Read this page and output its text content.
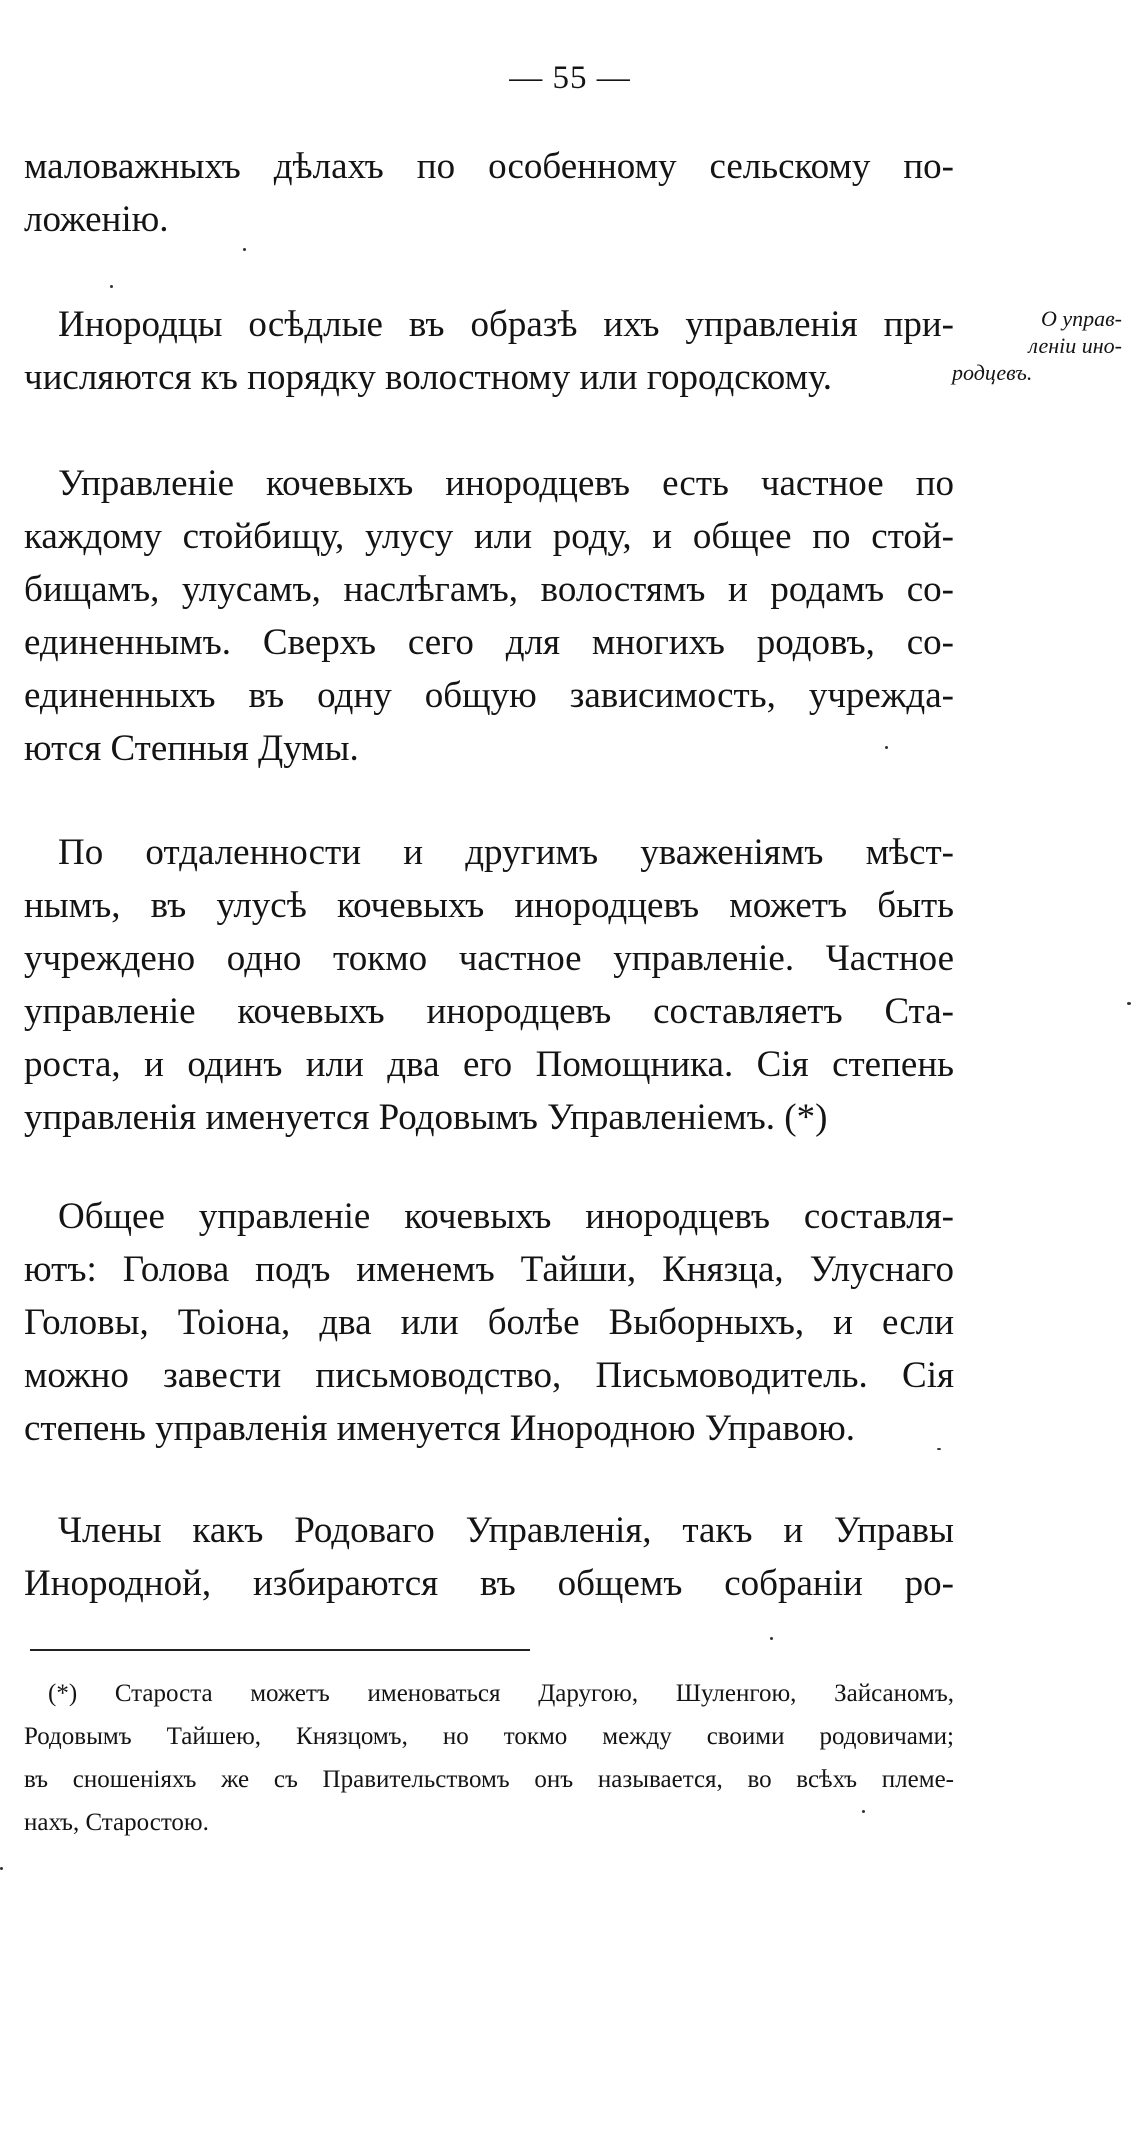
— 55 —
маловажныхъ дѣлахъ по особенному сельскому по-
ложенію.
Инородцы осѣдлые въ образѣ ихъ управленія при-
числяются къ порядку волостному или городскому.
О управ-
леніи ино-
родцевъ.
Управленіе кочевыхъ инородцевъ есть частное по
каждому стойбищу, улусу или роду, и общее по стой-
бищамъ, улусамъ, наслѣгамъ, волостямъ и родамъ со-
единеннымъ. Сверхъ сего для многихъ родовъ, со-
единенныхъ въ одну общую зависимость, учрежда-
ются Степныя Думы.
По отдаленности и другимъ уваженіямъ мѣст-
нымъ, въ улусѣ кочевыхъ инородцевъ можетъ быть
учреждено одно токмо частное управленіе. Частное
управленіе кочевыхъ инородцевъ составляетъ Ста-
роста, и одинъ или два его Помощника. Сія степень
управленія именуется Родовымъ Управленіемъ. (*)
Общее управленіе кочевыхъ инородцевъ составля-
ютъ: Голова подъ именемъ Тайши, Князца, Улуснаго
Головы, Тоіона, два или болѣе Выборныхъ, и если
можно завести письмоводство, Письмоводитель. Сія
степень управленія именуется Инородною Управою.
Члены какъ Родоваго Управленія, такъ и Управы
Инородной, избираются въ общемъ собраніи ро-
(*) Староста можетъ именоваться Даругою, Шуленгою, Зайсаномъ,
Родовымъ Тайшею, Князцомъ, но токмо между своими родовичами;
въ сношеніяхъ же съ Правительствомъ онъ называется, во всѣхъ племе-
нахъ, Старостою.
